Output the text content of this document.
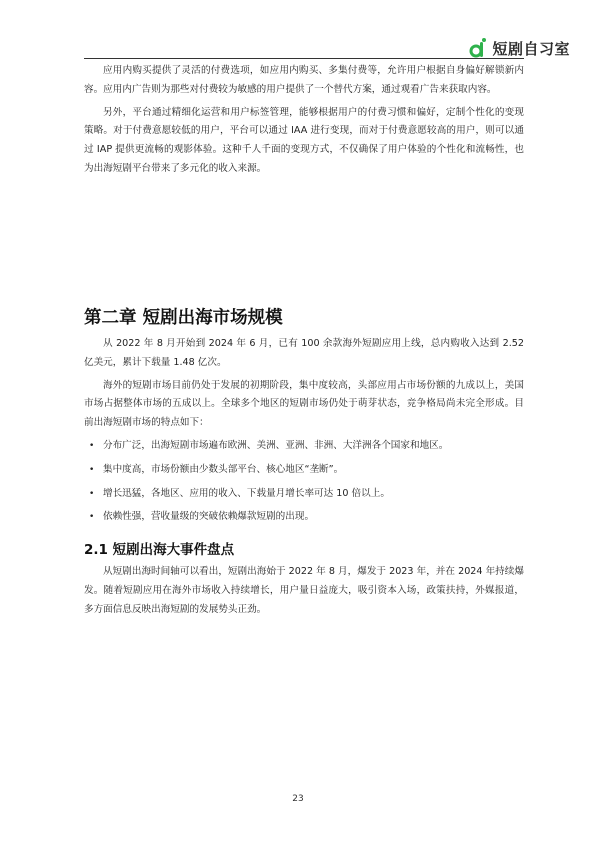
短剧自习室

应用内购买提供了灵活的付费选项，如应用内购买、多集付费等，允许用户根据自身偏好解锁新内容。应用内广告则为那些对付费较为敏感的用户提供了一个替代方案，通过观看广告来获取内容。

另外，平台通过精细化运营和用户标签管理，能够根据用户的付费习惯和偏好，定制个性化的变现策略。对于付费意愿较低的用户，平台可以通过 IAA 进行变现，而对于付费意愿较高的用户，则可以通过 IAP 提供更流畅的观影体验。这种千人千面的变现方式，不仅确保了用户体验的个性化和流畅性，也为出海短剧平台带来了多元化的收入来源。

第二章 短剧出海市场规模

从 2022 年 8 月开始到 2024 年 6 月，已有 100 余款海外短剧应用上线，总内购收入达到 2.52 亿美元，累计下载量 1.48 亿次。

海外的短剧市场目前仍处于发展的初期阶段，集中度较高，头部应用占市场份额的九成以上，美国市场占据整体市场的五成以上。全球多个地区的短剧市场仍处于萌芽状态，竞争格局尚未完全形成。目前出海短剧市场的特点如下：

• 分布广泛，出海短剧市场遍布欧洲、美洲、亚洲、非洲、大洋洲各个国家和地区。
• 集中度高，市场份额由少数头部平台、核心地区“垄断”。
• 增长迅猛，各地区、应用的收入、下载量月增长率可达 10 倍以上。
• 依赖性强，营收量级的突破依赖爆款短剧的出现。
2.1 短剧出海大事件盘点

从短剧出海时间轴可以看出，短剧出海始于 2022 年 8 月，爆发于 2023 年，并在 2024 年持续爆发。随着短剧应用在海外市场收入持续增长，用户量日益庞大，吸引资本入场，政策扶持，外媒报道，多方面信息反映出海短剧的发展势头正劲。

23
